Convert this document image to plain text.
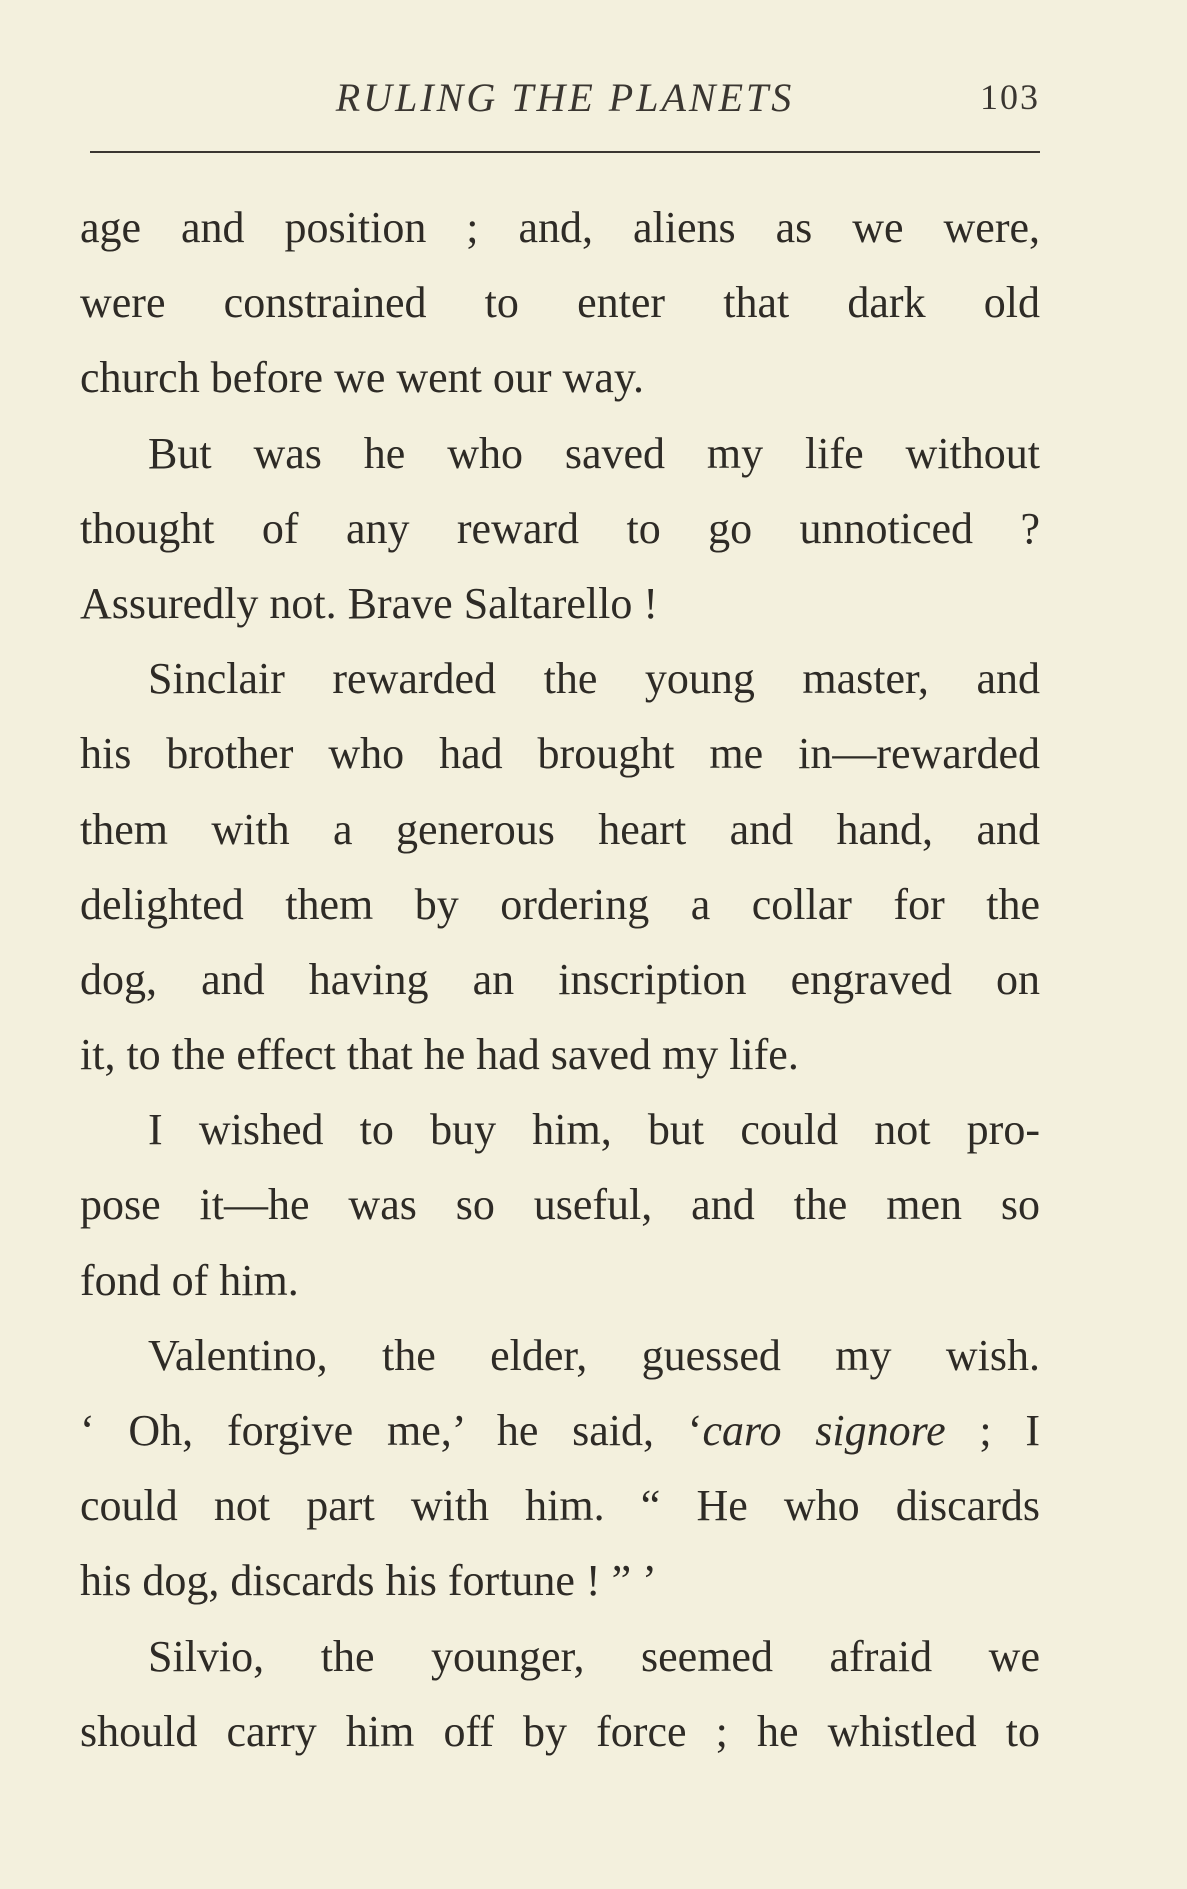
RULING THE PLANETS	103
age and position ; and, aliens as we were,
were constrained to enter that dark old
church before we went our way.
But was he who saved my life without
thought of any reward to go unnoticed ?
Assuredly not. Brave Saltarello !
Sinclair rewarded the young master, and
his brother who had brought me in—rewarded
them with a generous heart and hand, and
delighted them by ordering a collar for the
dog, and having an inscription engraved on
it, to the effect that he had saved my life.
I wished to buy him, but could not pro-
pose it—he was so useful, and the men so
fond of him.
Valentino, the elder, guessed my wish.
‘ Oh, forgive me,’ he said, ‘caro signore ; I
could not part with him. “ He who discards
his dog, discards his fortune ! ” ’
Silvio, the younger, seemed afraid we
should carry him off by force ; he whistled to
